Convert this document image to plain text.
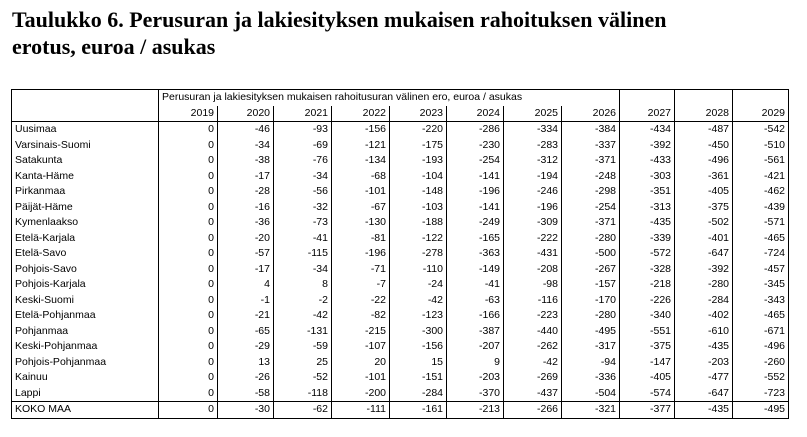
Taulukko 6. Perusuran ja lakiesityksen mukaisen rahoituksen välinen
erotus, euroa / asukas
	Perusuran ja lakiesityksen mukaisen rahoitusuran välinen ero, euroa / asukas										
	2019	2020	2021	2022	2023	2024	2025	2026	2027	2028	2029
Uusimaa	0	-46	-93	-156	-220	-286	-334	-384	-434	-487	-542
Varsinais-Suomi	0	-34	-69	-121	-175	-230	-283	-337	-392	-450	-510
Satakunta	0	-38	-76	-134	-193	-254	-312	-371	-433	-496	-561
Kanta-Häme	0	-17	-34	-68	-104	-141	-194	-248	-303	-361	-421
Pirkanmaa	0	-28	-56	-101	-148	-196	-246	-298	-351	-405	-462
Päijät-Häme	0	-16	-32	-67	-103	-141	-196	-254	-313	-375	-439
Kymenlaakso	0	-36	-73	-130	-188	-249	-309	-371	-435	-502	-571
Etelä-Karjala	0	-20	-41	-81	-122	-165	-222	-280	-339	-401	-465
Etelä-Savo	0	-57	-115	-196	-278	-363	-431	-500	-572	-647	-724
Pohjois-Savo	0	-17	-34	-71	-110	-149	-208	-267	-328	-392	-457
Pohjois-Karjala	0	4	8	-7	-24	-41	-98	-157	-218	-280	-345
Keski-Suomi	0	-1	-2	-22	-42	-63	-116	-170	-226	-284	-343
Etelä-Pohjanmaa	0	-21	-42	-82	-123	-166	-223	-280	-340	-402	-465
Pohjanmaa	0	-65	-131	-215	-300	-387	-440	-495	-551	-610	-671
Keski-Pohjanmaa	0	-29	-59	-107	-156	-207	-262	-317	-375	-435	-496
Pohjois-Pohjanmaa	0	13	25	20	15	9	-42	-94	-147	-203	-260
Kainuu	0	-26	-52	-101	-151	-203	-269	-336	-405	-477	-552
Lappi	0	-58	-118	-200	-284	-370	-437	-504	-574	-647	-723
KOKO MAA	0	-30	-62	-111	-161	-213	-266	-321	-377	-435	-495
